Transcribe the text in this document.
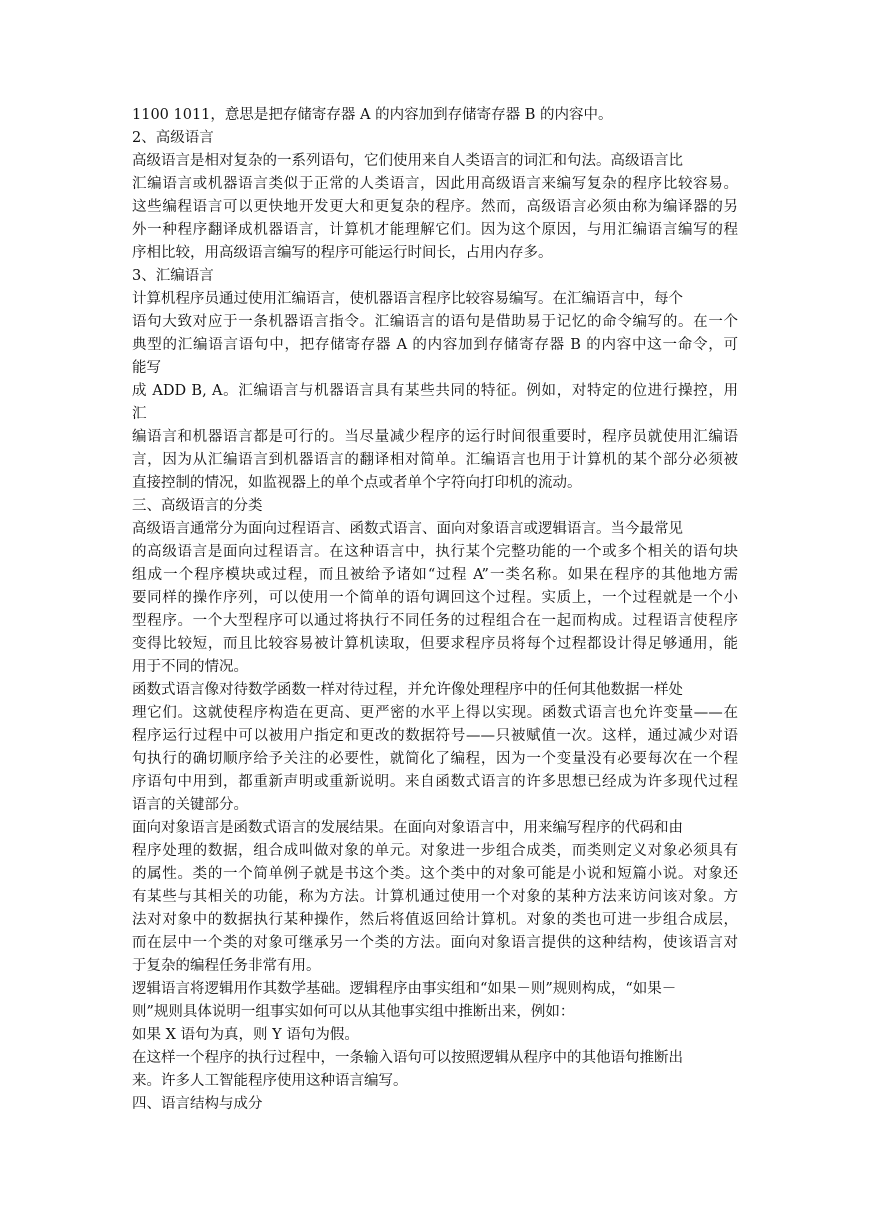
1100 1011，意思是把存储寄存器 A 的内容加到存储寄存器 B 的内容中。
2、高级语言
高级语言是相对复杂的一系列语句，它们使用来自人类语言的词汇和句法。高级语言比
汇编语言或机器语言类似于正常的人类语言，因此用高级语言来编写复杂的程序比较容易。
这些编程语言可以更快地开发更大和更复杂的程序。然而，高级语言必须由称为编译器的另
外一种程序翻译成机器语言，计算机才能理解它们。因为这个原因，与用汇编语言编写的程
序相比较，用高级语言编写的程序可能运行时间长，占用内存多。
3、汇编语言
计算机程序员通过使用汇编语言，使机器语言程序比较容易编写。在汇编语言中，每个
语句大致对应于一条机器语言指令。汇编语言的语句是借助易于记忆的命令编写的。在一个
典型的汇编语言语句中，把存储寄存器 A 的内容加到存储寄存器 B 的内容中这一命令，可
能写
成 ADD B, A。汇编语言与机器语言具有某些共同的特征。例如，对特定的位进行操控，用
汇
编语言和机器语言都是可行的。当尽量减少程序的运行时间很重要时，程序员就使用汇编语
言，因为从汇编语言到机器语言的翻译相对简单。汇编语言也用于计算机的某个部分必须被
直接控制的情况，如监视器上的单个点或者单个字符向打印机的流动。
三、高级语言的分类
高级语言通常分为面向过程语言、函数式语言、面向对象语言或逻辑语言。当今最常见
的高级语言是面向过程语言。在这种语言中，执行某个完整功能的一个或多个相关的语句块
组成一个程序模块或过程，而且被给予诸如“过程 A”一类名称。如果在程序的其他地方需
要同样的操作序列，可以使用一个简单的语句调回这个过程。实质上，一个过程就是一个小
型程序。一个大型程序可以通过将执行不同任务的过程组合在一起而构成。过程语言使程序
变得比较短，而且比较容易被计算机读取，但要求程序员将每个过程都设计得足够通用，能
用于不同的情况。
函数式语言像对待数学函数一样对待过程，并允许像处理程序中的任何其他数据一样处
理它们。这就使程序构造在更高、更严密的水平上得以实现。函数式语言也允许变量——在
程序运行过程中可以被用户指定和更改的数据符号——只被赋值一次。这样，通过减少对语
句执行的确切顺序给予关注的必要性，就简化了编程，因为一个变量没有必要每次在一个程
序语句中用到，都重新声明或重新说明。来自函数式语言的许多思想已经成为许多现代过程
语言的关键部分。
面向对象语言是函数式语言的发展结果。在面向对象语言中，用来编写程序的代码和由
程序处理的数据，组合成叫做对象的单元。对象进一步组合成类，而类则定义对象必须具有
的属性。类的一个简单例子就是书这个类。这个类中的对象可能是小说和短篇小说。对象还
有某些与其相关的功能，称为方法。计算机通过使用一个对象的某种方法来访问该对象。方
法对对象中的数据执行某种操作，然后将值返回给计算机。对象的类也可进一步组合成层，
而在层中一个类的对象可继承另一个类的方法。面向对象语言提供的这种结构，使该语言对
于复杂的编程任务非常有用。
逻辑语言将逻辑用作其数学基础。逻辑程序由事实组和“如果－则”规则构成，“如果－
则”规则具体说明一组事实如何可以从其他事实组中推断出来，例如：
如果 X 语句为真，则 Y 语句为假。
在这样一个程序的执行过程中，一条输入语句可以按照逻辑从程序中的其他语句推断出
来。许多人工智能程序使用这种语言编写。
四、语言结构与成分
